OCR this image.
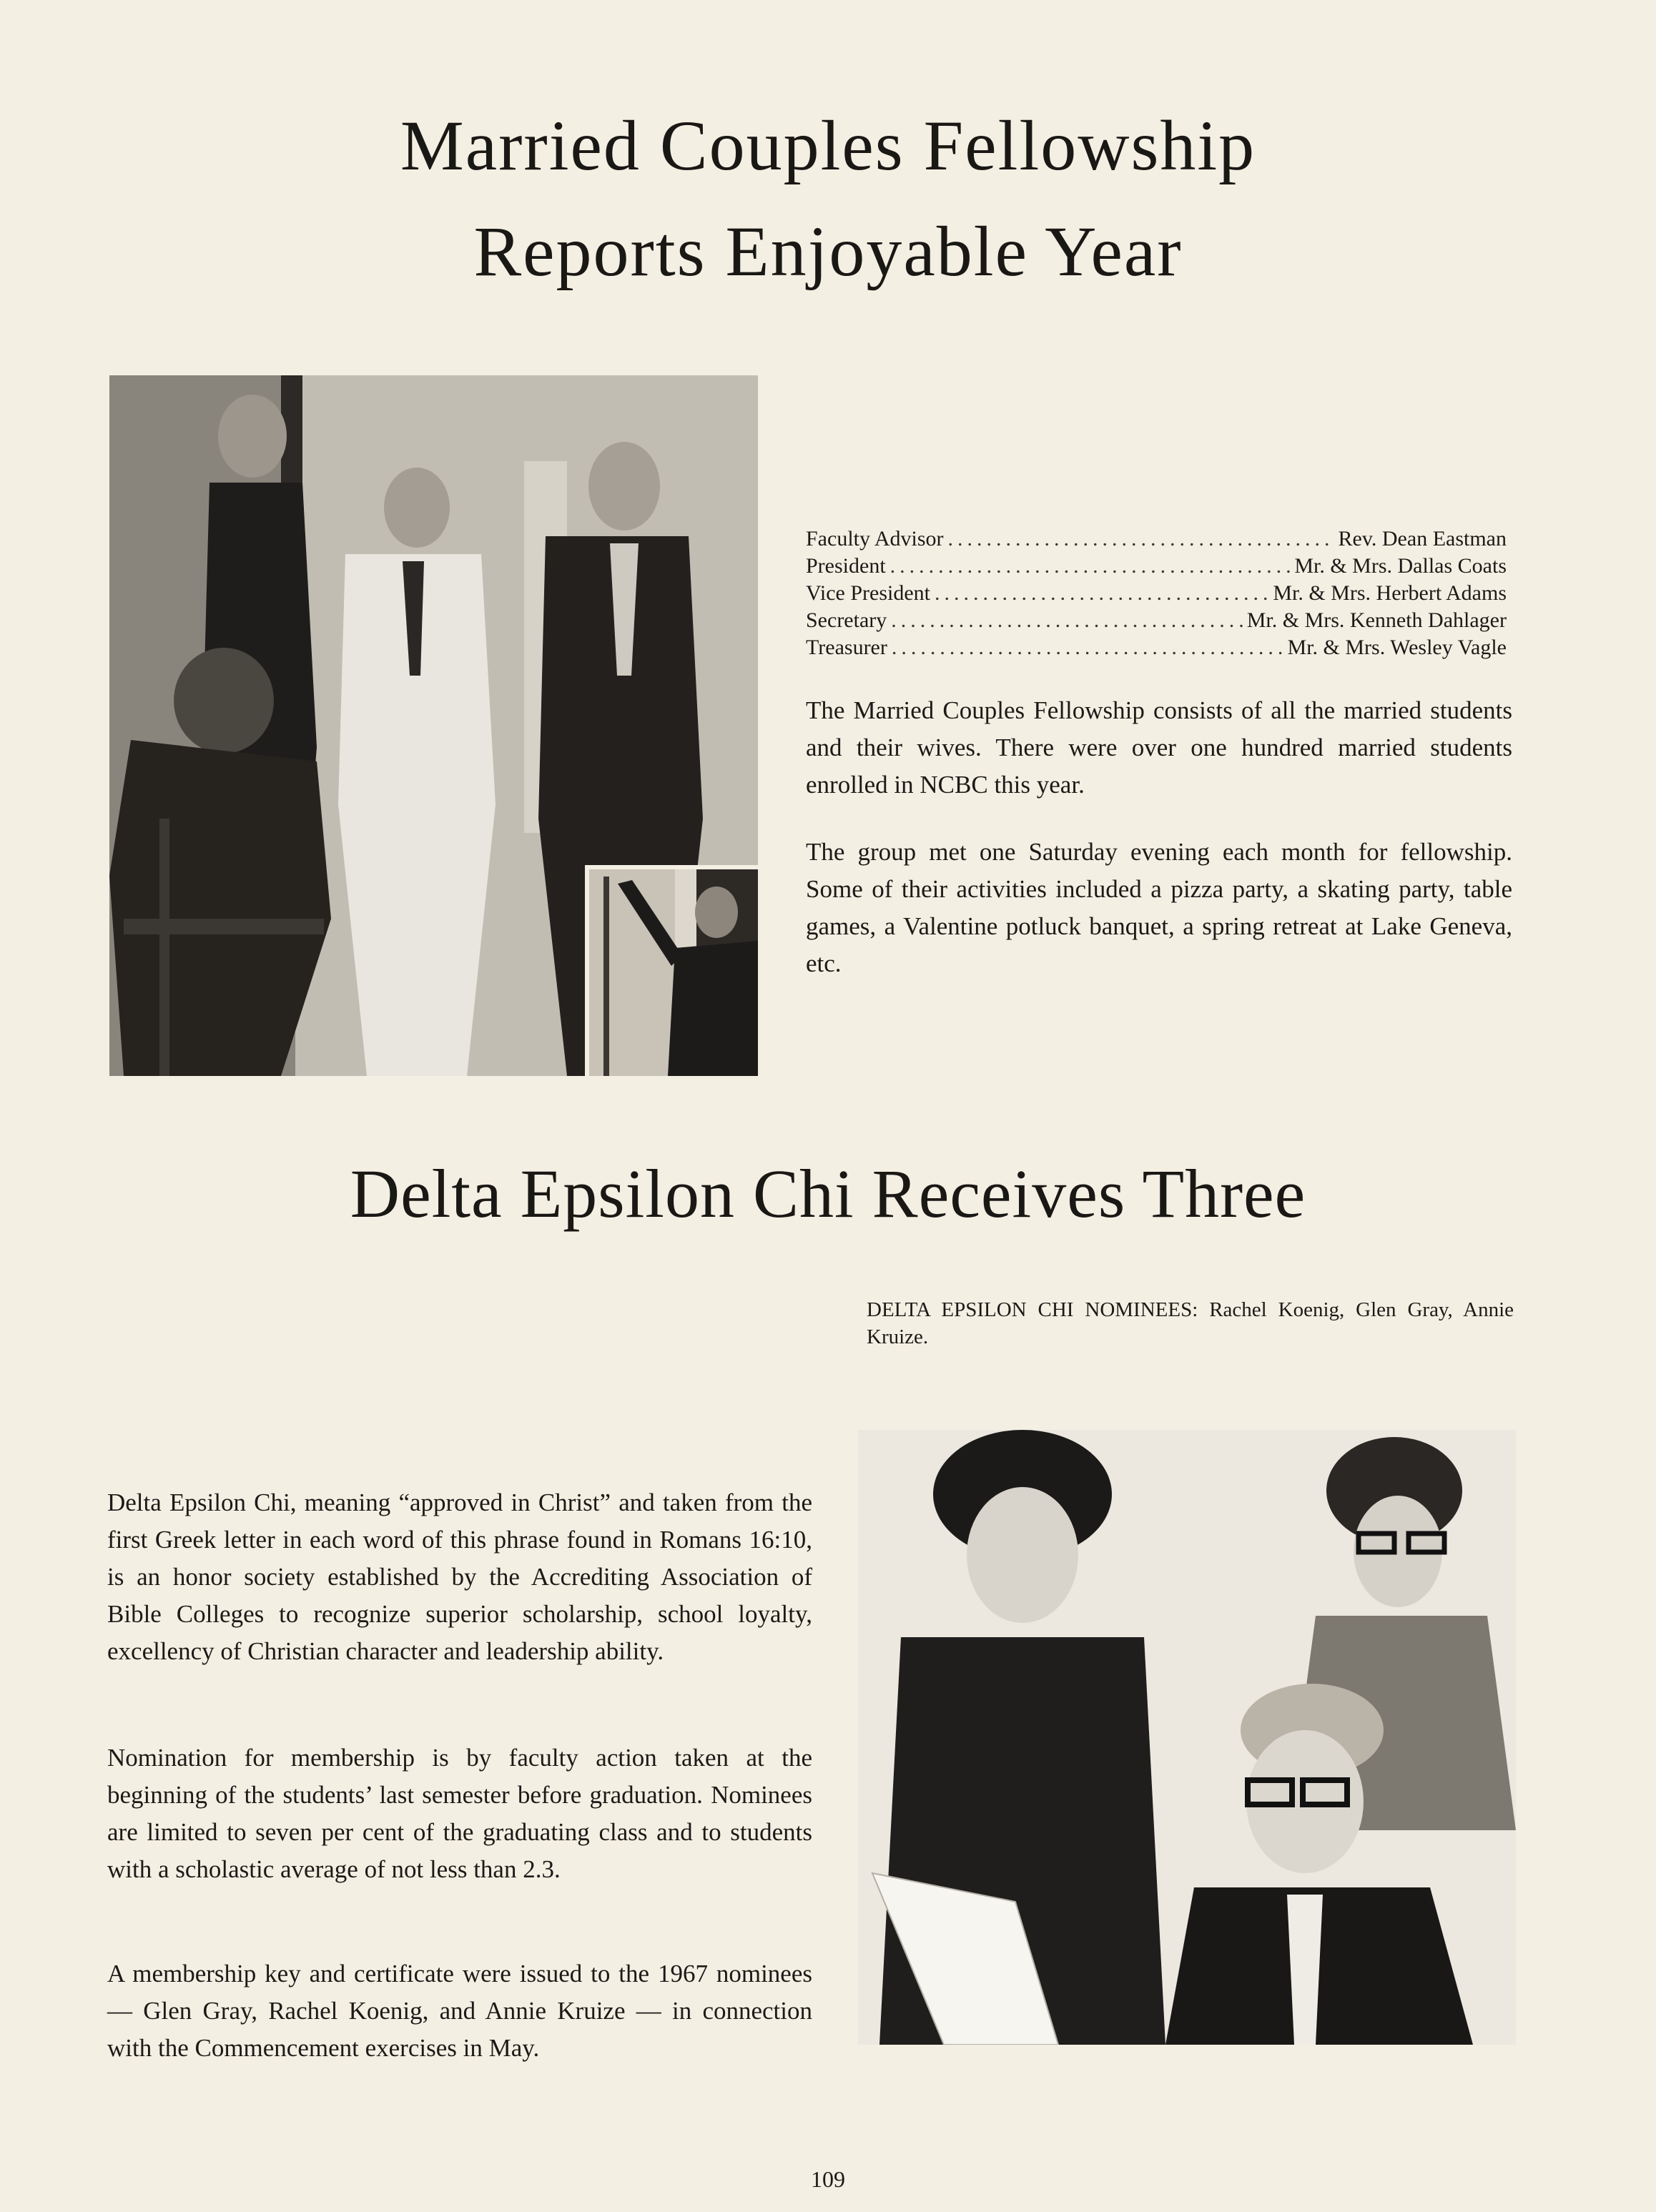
Married Couples Fellowship
Reports Enjoyable Year
Faculty Advisor .....	Rev. Dean Eastman
President .....	Mr. & Mrs. Dallas Coats
Vice President .....	Mr. & Mrs. Herbert Adams
Secretary .....	Mr. & Mrs. Kenneth Dahlager
Treasurer .....	Mr. & Mrs. Wesley Vagle

The Married Couples Fellowship consists of all the married students and their wives. There were over one hundred married students enrolled in NCBC this year.

The group met one Saturday evening each month for fellowship. Some of their activities included a pizza party, a skating party, table games, a Valentine potluck banquet, a spring retreat at Lake Geneva, etc.

Delta Epsilon Chi Receives Three

DELTA EPSILON CHI NOMINEES: Rachel Koenig, Glen Gray, Annie Kruize.

Delta Epsilon Chi, meaning “approved in Christ” and taken from the first Greek letter in each word of this phrase found in Romans 16:10, is an honor society established by the Accrediting Association of Bible Colleges to recognize superior scholarship, school loyalty, excellency of Christian character and leadership ability.

Nomination for membership is by faculty action taken at the beginning of the students’ last semester before graduation. Nominees are limited to seven per cent of the graduating class and to students with a scholastic average of not less than 2.3.

A membership key and certificate were issued to the 1967 nominees — Glen Gray, Rachel Koenig, and Annie Kruize — in connection with the Commencement exercises in May.

109
